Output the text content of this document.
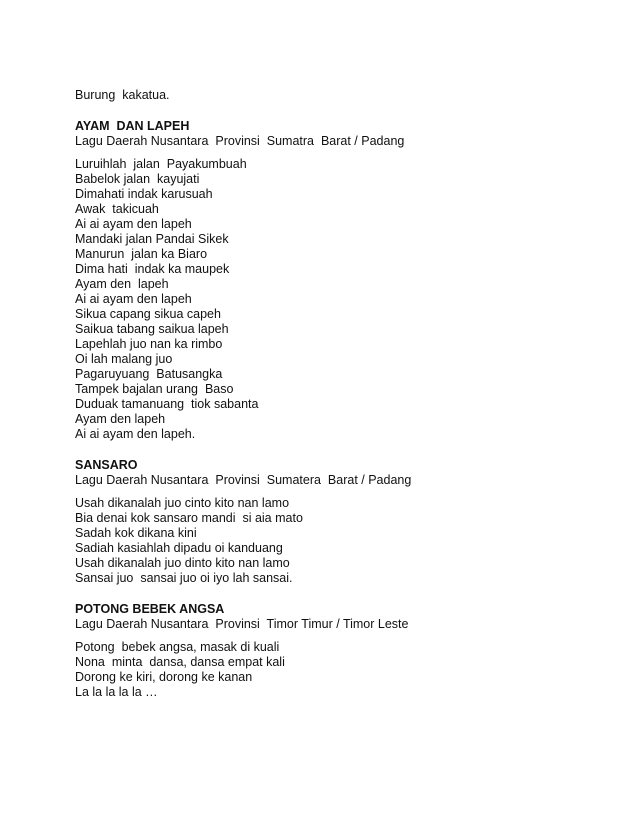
Burung  kakatua.
AYAM  DAN LAPEH
Lagu Daerah Nusantara  Provinsi  Sumatra  Barat / Padang
Luruihlah  jalan  Payakumbuah
Babelok jalan  kayujati
Dimahati indak karusuah
Awak  takicuah
Ai ai ayam den lapeh
Mandaki jalan Pandai Sikek
Manurun  jalan ka Biaro
Dima hati  indak ka maupek
Ayam den  lapeh
Ai ai ayam den lapeh
Sikua capang sikua capeh
Saikua tabang saikua lapeh
Lapehlah juo nan ka rimbo
Oi lah malang juo
Pagaruyuang  Batusangka
Tampek bajalan urang  Baso
Duduak tamanuang  tiok sabanta
Ayam den lapeh
Ai ai ayam den lapeh.
SANSARO
Lagu Daerah Nusantara  Provinsi  Sumatera  Barat / Padang
Usah dikanalah juo cinto kito nan lamo
Bia denai kok sansaro mandi  si aia mato
Sadah kok dikana kini
Sadiah kasiahlah dipadu oi kanduang
Usah dikanalah juo dinto kito nan lamo
Sansai juo  sansai juo oi iyo lah sansai.
POTONG BEBEK ANGSA
Lagu Daerah Nusantara  Provinsi  Timor Timur / Timor Leste
Potong  bebek angsa, masak di kuali
Nona  minta  dansa, dansa empat kali
Dorong ke kiri, dorong ke kanan
La la la la la …
